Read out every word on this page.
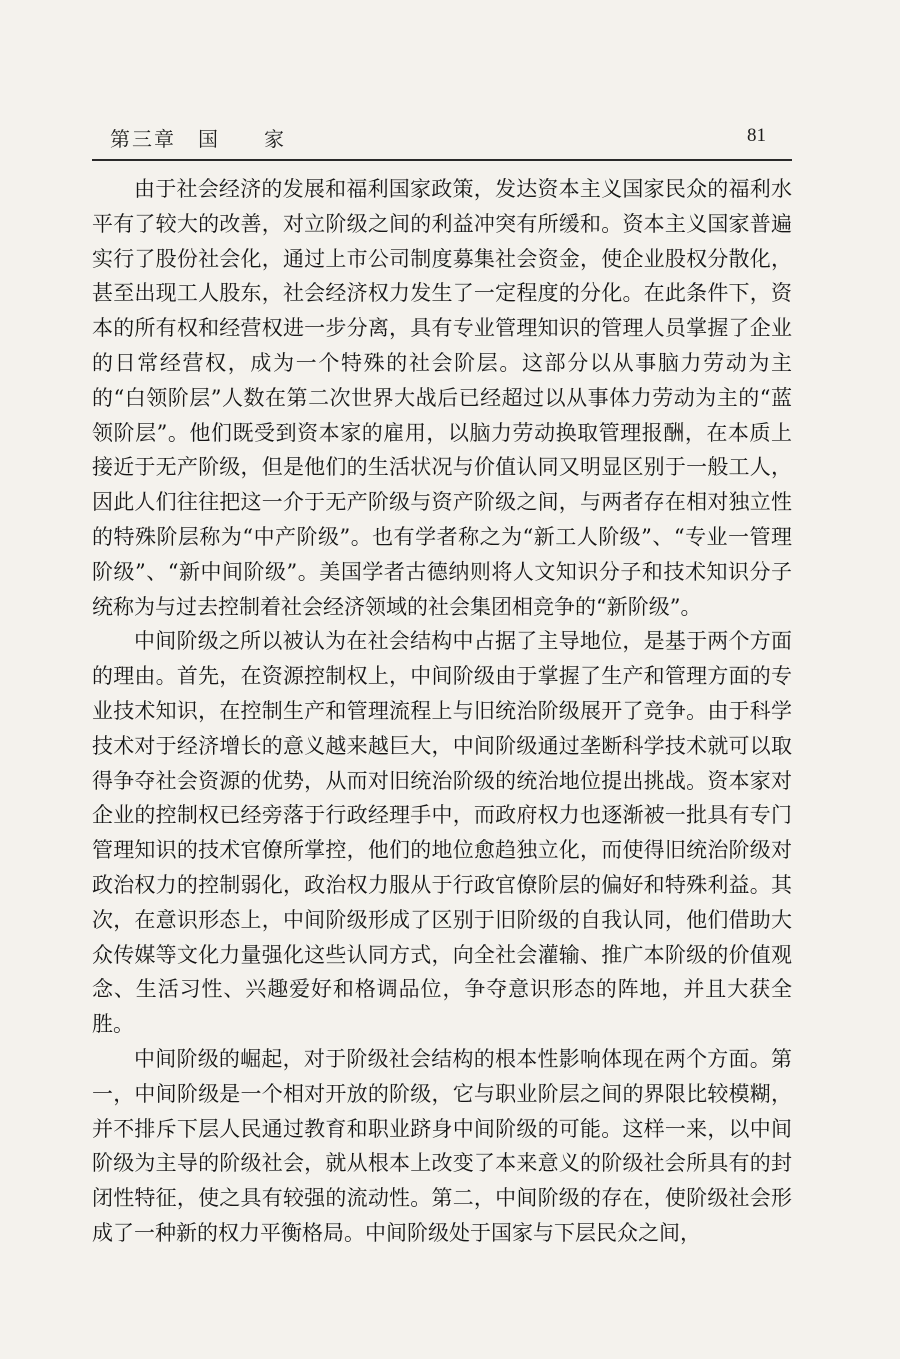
第三章　国　　家	81

由于社会经济的发展和福利国家政策，发达资本主义国家民众的福利水平有了较大的改善，对立阶级之间的利益冲突有所缓和。资本主义国家普遍实行了股份社会化，通过上市公司制度募集社会资金，使企业股权分散化，甚至出现工人股东，社会经济权力发生了一定程度的分化。在此条件下，资本的所有权和经营权进一步分离，具有专业管理知识的管理人员掌握了企业的日常经营权，成为一个特殊的社会阶层。这部分以从事脑力劳动为主的“白领阶层”人数在第二次世界大战后已经超过以从事体力劳动为主的“蓝领阶层”。他们既受到资本家的雇用，以脑力劳动换取管理报酬，在本质上接近于无产阶级，但是他们的生活状况与价值认同又明显区别于一般工人，因此人们往往把这一介于无产阶级与资产阶级之间，与两者存在相对独立性的特殊阶层称为“中产阶级”。也有学者称之为“新工人阶级”、“专业一管理阶级”、“新中间阶级”。美国学者古德纳则将人文知识分子和技术知识分子统称为与过去控制着社会经济领域的社会集团相竞争的“新阶级”。

中间阶级之所以被认为在社会结构中占据了主导地位，是基于两个方面的理由。首先，在资源控制权上，中间阶级由于掌握了生产和管理方面的专业技术知识，在控制生产和管理流程上与旧统治阶级展开了竞争。由于科学技术对于经济增长的意义越来越巨大，中间阶级通过垄断科学技术就可以取得争夺社会资源的优势，从而对旧统治阶级的统治地位提出挑战。资本家对企业的控制权已经旁落于行政经理手中，而政府权力也逐渐被一批具有专门管理知识的技术官僚所掌控，他们的地位愈趋独立化，而使得旧统治阶级对政治权力的控制弱化，政治权力服从于行政官僚阶层的偏好和特殊利益。其次，在意识形态上，中间阶级形成了区别于旧阶级的自我认同，他们借助大众传媒等文化力量强化这些认同方式，向全社会灌输、推广本阶级的价值观念、生活习性、兴趣爱好和格调品位，争夺意识形态的阵地，并且大获全胜。

中间阶级的崛起，对于阶级社会结构的根本性影响体现在两个方面。第一，中间阶级是一个相对开放的阶级，它与职业阶层之间的界限比较模糊，并不排斥下层人民通过教育和职业跻身中间阶级的可能。这样一来，以中间阶级为主导的阶级社会，就从根本上改变了本来意义的阶级社会所具有的封闭性特征，使之具有较强的流动性。第二，中间阶级的存在，使阶级社会形成了一种新的权力平衡格局。中间阶级处于国家与下层民众之间，
